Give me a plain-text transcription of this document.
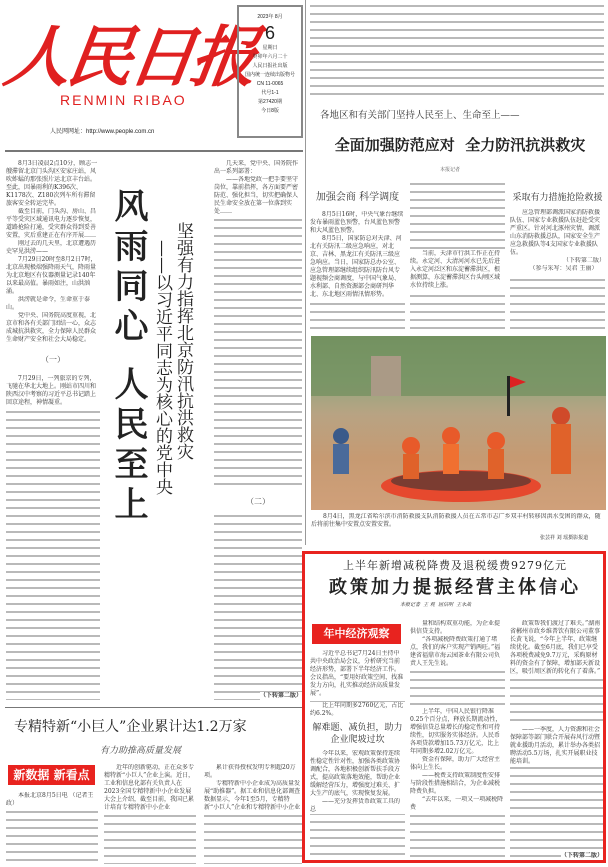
人民日报
RENMIN RIBAO
2023年 8月
6
星期日
癸卯年六月二十
人民日报社出版
国内统一连续出版物号
CN 11-0065
代号1-1
第27420期
今日8版
人民网网址：http://www.people.com.cn

8月3日凌晨2点10分，顾志一艘滞留北京门头沟区安家庄站，风吹蚱蜢的那张照片运北京丰台站。至此，因暴雨利的K396次、K1178次、Z180次列车所有滞留旅客安全转运完毕。

截至目前，门头沟、房山、昌平等受灾区域通讯电力逐步恢复，道路抢险打通，受灾群众得到妥善安置，灾后重建正在有序开展……

刚过去的几天里，北京遭遇历史罕见洪涝——

7月29日20时至8月2日7时，北京出现极端强降雨天气，降雨量为北京地区有仪器测量记录140年以来最高值。暴雨如注，山洪汹涌。

洪涝就是命令，生命重于泰山。

党中央、国务院高度重视，北京市和各有关部门团结一心，众志成城抗洪救灾，全力保障人民群众生命财产安全和社会大局稳定。

（一）

7月29日，一列旅京的专列，飞驰在华北大地上。刚站市四川和陕西汉中考察的习近平总书记踏上回京途程，神情凝重。	风雨同心 人民至上 坚强有力指挥北京防汛抗洪救灾
——以习近平同志为核心的党中央

几天来，党中央、国务院作出一系列部署：

——各地党政一把手要坚守岗位，靠前指挥，各方面要严密防范、强化担当，切实把确保人民生命安全放在第一位落到实处……

（二）

（下转第二版）

专精特新“小巨人”企业累计达1.2万家
有力助推高质量发展
新数据 新看点

本报北京8月5日电 （记者王政）

近年的创新驱动，正在众多专精特新“小巨人”企业上演。近日，工业和信息化部有关负责人在2023全国专精特新中小企业发展大会上介绍，截至目前，我国已累计培育专精特新中小企业

累计获得授权发明专利超20万项。

专精特新中小企业成为高质量发展“助推器”。据工业和信息化部调查数据显示，今年1至5月，专精特新“小巨人”企业和专精特新中小企业

各地区和有关部门坚持人民至上、生命至上——
全面加强防范应对  全力防汛抗洪救灾
本报记者

加强会商 科学调度

8月5日16时，中央气象台继续发布暴雨蓝色预警，台风蓝色预警和大风蓝色预警。

8月5日，国家防总对天津、河北有关防汛二级应急响应，对北京、吉林、黑龙江有关防汛三级应急响应。当日，国家防总办公室、应急管理部继续组织防汛防台风专题视频会商调度，与中国气象局、水利部、自然资源部会商研判华北、东北地区雨情汛情形势。

当前，天津市行洪工作正在持续。永定河、大清河河水已先后进入永定河泛区和东淀蓄滞洪区，根据测算，东淀蓄滞洪区台头闸区域水位持续上涨。

采取有力措施抢险救援

应急管理部调派国家消防救援队伍、国家专业救援队伍赶赴受灾严重区。针对河北涿州灾情，调派山东消防救援总队，国家安全生产应急救援队等4支国家专业救援队伍。

（下转第二版）

（参与采写：吴君 王丽）

8月4日，黑龙江省哈尔滨市消防救援支队消防救援人员在五常市志广乡双丰村转移因洪水受困的群众，随后将前往集中安置点安置安置。
张芸祥 刘 瑶摄影报道
上半年新增减税降费及退税缓费9279亿元
政策加力提振经营主体信心
本报记者  王 观  屈信明  王永战
年中经济观察

习近平总书记7月24日主持中共中央政治局会议，分析研究当前经济形势，部署下半年经济工作。会议指出，“要用好政策空间、找准发力方向，扎实推动经济高质量发展”。

比上年同期多2760亿元，占比约6.2%。

解难题、减负担，助力企业爬坡过坎

今年以来，宏观政策保持连续性稳定性针对性，加强各类政策协调配合，各地积极创新帮扶手段方式，提高政策落地效能，帮助企业缓解经营压力，增强度过难关、扩大生产的底气，实现恢复发展。

——充分发挥货币政策工具的总

量和结构双重功能，为企业提供信贷支持。

“各项减税降费政策打通了堵点，我们的客户实现产销两旺。”福建省福鼎市海云园茶业有限公司负责人王先生说。

上半年，中国人民银行降准0.25个百分点，释放长期流动性，增强信贷总量增长的稳定性和可持续性，切实服务实体经济。人民币各项贷款增加15.73万亿元，比上年同期多增2.02万亿元。

资金有保障，助力广大经营主体向上生长。

——税费支持政策制度性安排与阶段性措施相结合，为企业减税降费负担。

“去年以来，一项又一项减税降费

政策帮我们渡过了难关。”湖南省郴州市政乡维普饮有限公司董事长黄飞说，“今年上半年，政策继续优化。截至6月底，我们已享受各项税费减免9.7万元，采购原材料的资金有了保障，增加部天新设区，吸引周区新的转化有了着落。”

——一季度，人力资源和社会保障部等部门联合开展春风行动暨就业援助月活动，累计举办各类招聘活动5.5万场，扎实开展职业技能培训。

（下转第二版）
